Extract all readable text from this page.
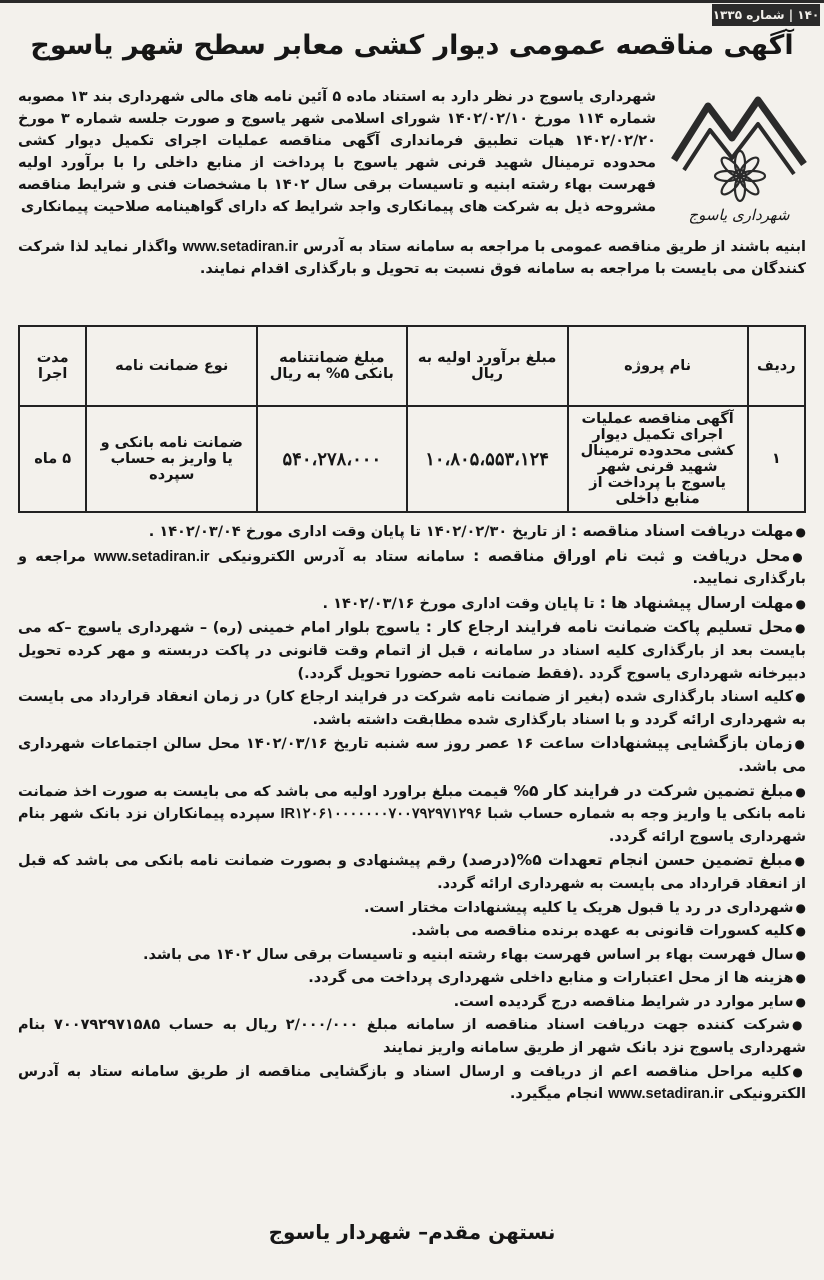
۱۴۰ | شماره ۱۳۳۵
آگهی مناقصه عمومی دیوار کشی معابر سطح شهر یاسوج
شهرداری یاسوج
شهرداری یاسوج در نظر دارد به استناد ماده ۵ آئین نامه های مالی شهرداری بند ۱۳ مصوبه شماره ۱۱۴ مورخ ۱۴۰۲/۰۲/۱۰ شورای اسلامی شهر یاسوج و صورت جلسه شماره ۳ مورخ ۱۴۰۲/۰۲/۲۰ هیات تطبیق فرمانداری آگهی مناقصه عملیات اجرای تکمیل دیوار کشی محدوده ترمینال شهید قرنی شهر یاسوج با پرداخت از منابع داخلی را با برآورد اولیه فهرست بهاء رشته ابنیه و تاسیسات برقی سال ۱۴۰۲ با مشخصات فنی و شرایط مناقصه مشروحه ذیل به شرکت های پیمانکاری واجد شرایط که دارای گواهینامه صلاحیت پیمانکاری
ابنیه باشند از طریق مناقصه عمومی با مراجعه به سامانه ستاد به آدرس www.setadiran.ir واگذار نماید لذا شرکت کنندگان می بایست با مراجعه به سامانه فوق نسبت به تحویل و بارگذاری اقدام نمایند.
ردیف	نام پروژه	مبلغ برآورد اولیه به ریال	مبلغ ضمانتنامه بانکی ۵% به ریال	نوع ضمانت نامه	مدت اجرا
۱	آگهی مناقصه عملیات اجرای تکمیل دیوار کشی محدوده ترمینال شهید قرنی شهر یاسوج با پرداخت از منابع داخلی	۱۰،۸۰۵،۵۵۳،۱۲۴	۵۴۰،۲۷۸،۰۰۰	ضمانت نامه بانکی و یا واریز به حساب سپرده	۵ ماه

●مهلت دریافت اسناد مناقصه : از تاریخ ۱۴۰۲/۰۲/۳۰ تا پایان وقت اداری مورخ ۱۴۰۲/۰۳/۰۴ .

●محل دریافت و ثبت نام اوراق مناقصه : سامانه ستاد به آدرس الکترونیکی www.setadiran.ir مراجعه و بارگذاری نمایید.

●مهلت ارسال پیشنهاد ها : تا پایان وقت اداری مورخ ۱۴۰۲/۰۳/۱۶ .

●محل تسلیم پاکت ضمانت نامه فرایند ارجاع کار : یاسوج بلوار امام خمینی (ره) – شهرداری یاسوج –که می بایست بعد از بارگذاری کلیه اسناد در سامانه ، قبل از اتمام وقت قانونی در پاکت دربسته و مهر کرده تحویل دبیرخانه شهرداری یاسوج گردد .(فقط ضمانت نامه حضورا تحویل گردد.)

●کلیه اسناد بارگذاری شده (بغیر از ضمانت نامه شرکت در فرایند ارجاع کار) در زمان انعقاد قرارداد می بایست به شهرداری ارائه گردد و با اسناد بارگذاری شده مطابقت داشته باشد.

●زمان بازگشایی پیشنهادات ساعت ۱۶ عصر روز سه شنبه تاریخ ۱۴۰۲/۰۳/۱۶ محل سالن اجتماعات شهرداری می باشد.

●مبلغ تضمین شرکت در فرایند کار ۵% قیمت مبلغ براورد اولیه می باشد که می بایست به صورت اخذ ضمانت نامه بانکی یا واریز وجه به شماره حساب شبا IR۱۲۰۶۱۰۰۰۰۰۰۰۷۰۰۷۹۲۹۷۱۲۹۶ سپرده پیمانکاران نزد بانک شهر بنام شهرداری یاسوج ارائه گردد.

●مبلغ تضمین حسن انجام تعهدات ۵%(درصد) رقم پیشنهادی و بصورت ضمانت نامه بانکی می باشد که قبل از انعقاد قرارداد می بایست به شهرداری ارائه گردد.

●شهرداری در رد یا قبول هریک یا کلیه پیشنهادات مختار است.

●کلیه کسورات قانونی به عهده برنده مناقصه می باشد.

●سال فهرست بهاء بر اساس فهرست بهاء رشته ابنیه و تاسیسات برقی سال ۱۴۰۲ می باشد.

●هزینه ها از محل اعتبارات و منابع داخلی شهرداری پرداخت می گردد.

●سایر موارد در شرایط مناقصه درج گردیده است.

●شرکت کننده جهت دریافت اسناد مناقصه از سامانه مبلغ ۲/۰۰۰/۰۰۰ ریال به حساب ۷۰۰۷۹۲۹۷۱۵۸۵ بنام شهرداری یاسوج نزد بانک شهر از طریق سامانه واریز نمایند

●کلیه مراحل مناقصه اعم از دریافت و ارسال اسناد و بازگشایی مناقصه از طریق سامانه ستاد به آدرس الکترونیکی www.setadiran.ir انجام میگیرد.

نستهن مقدم– شهردار یاسوج
